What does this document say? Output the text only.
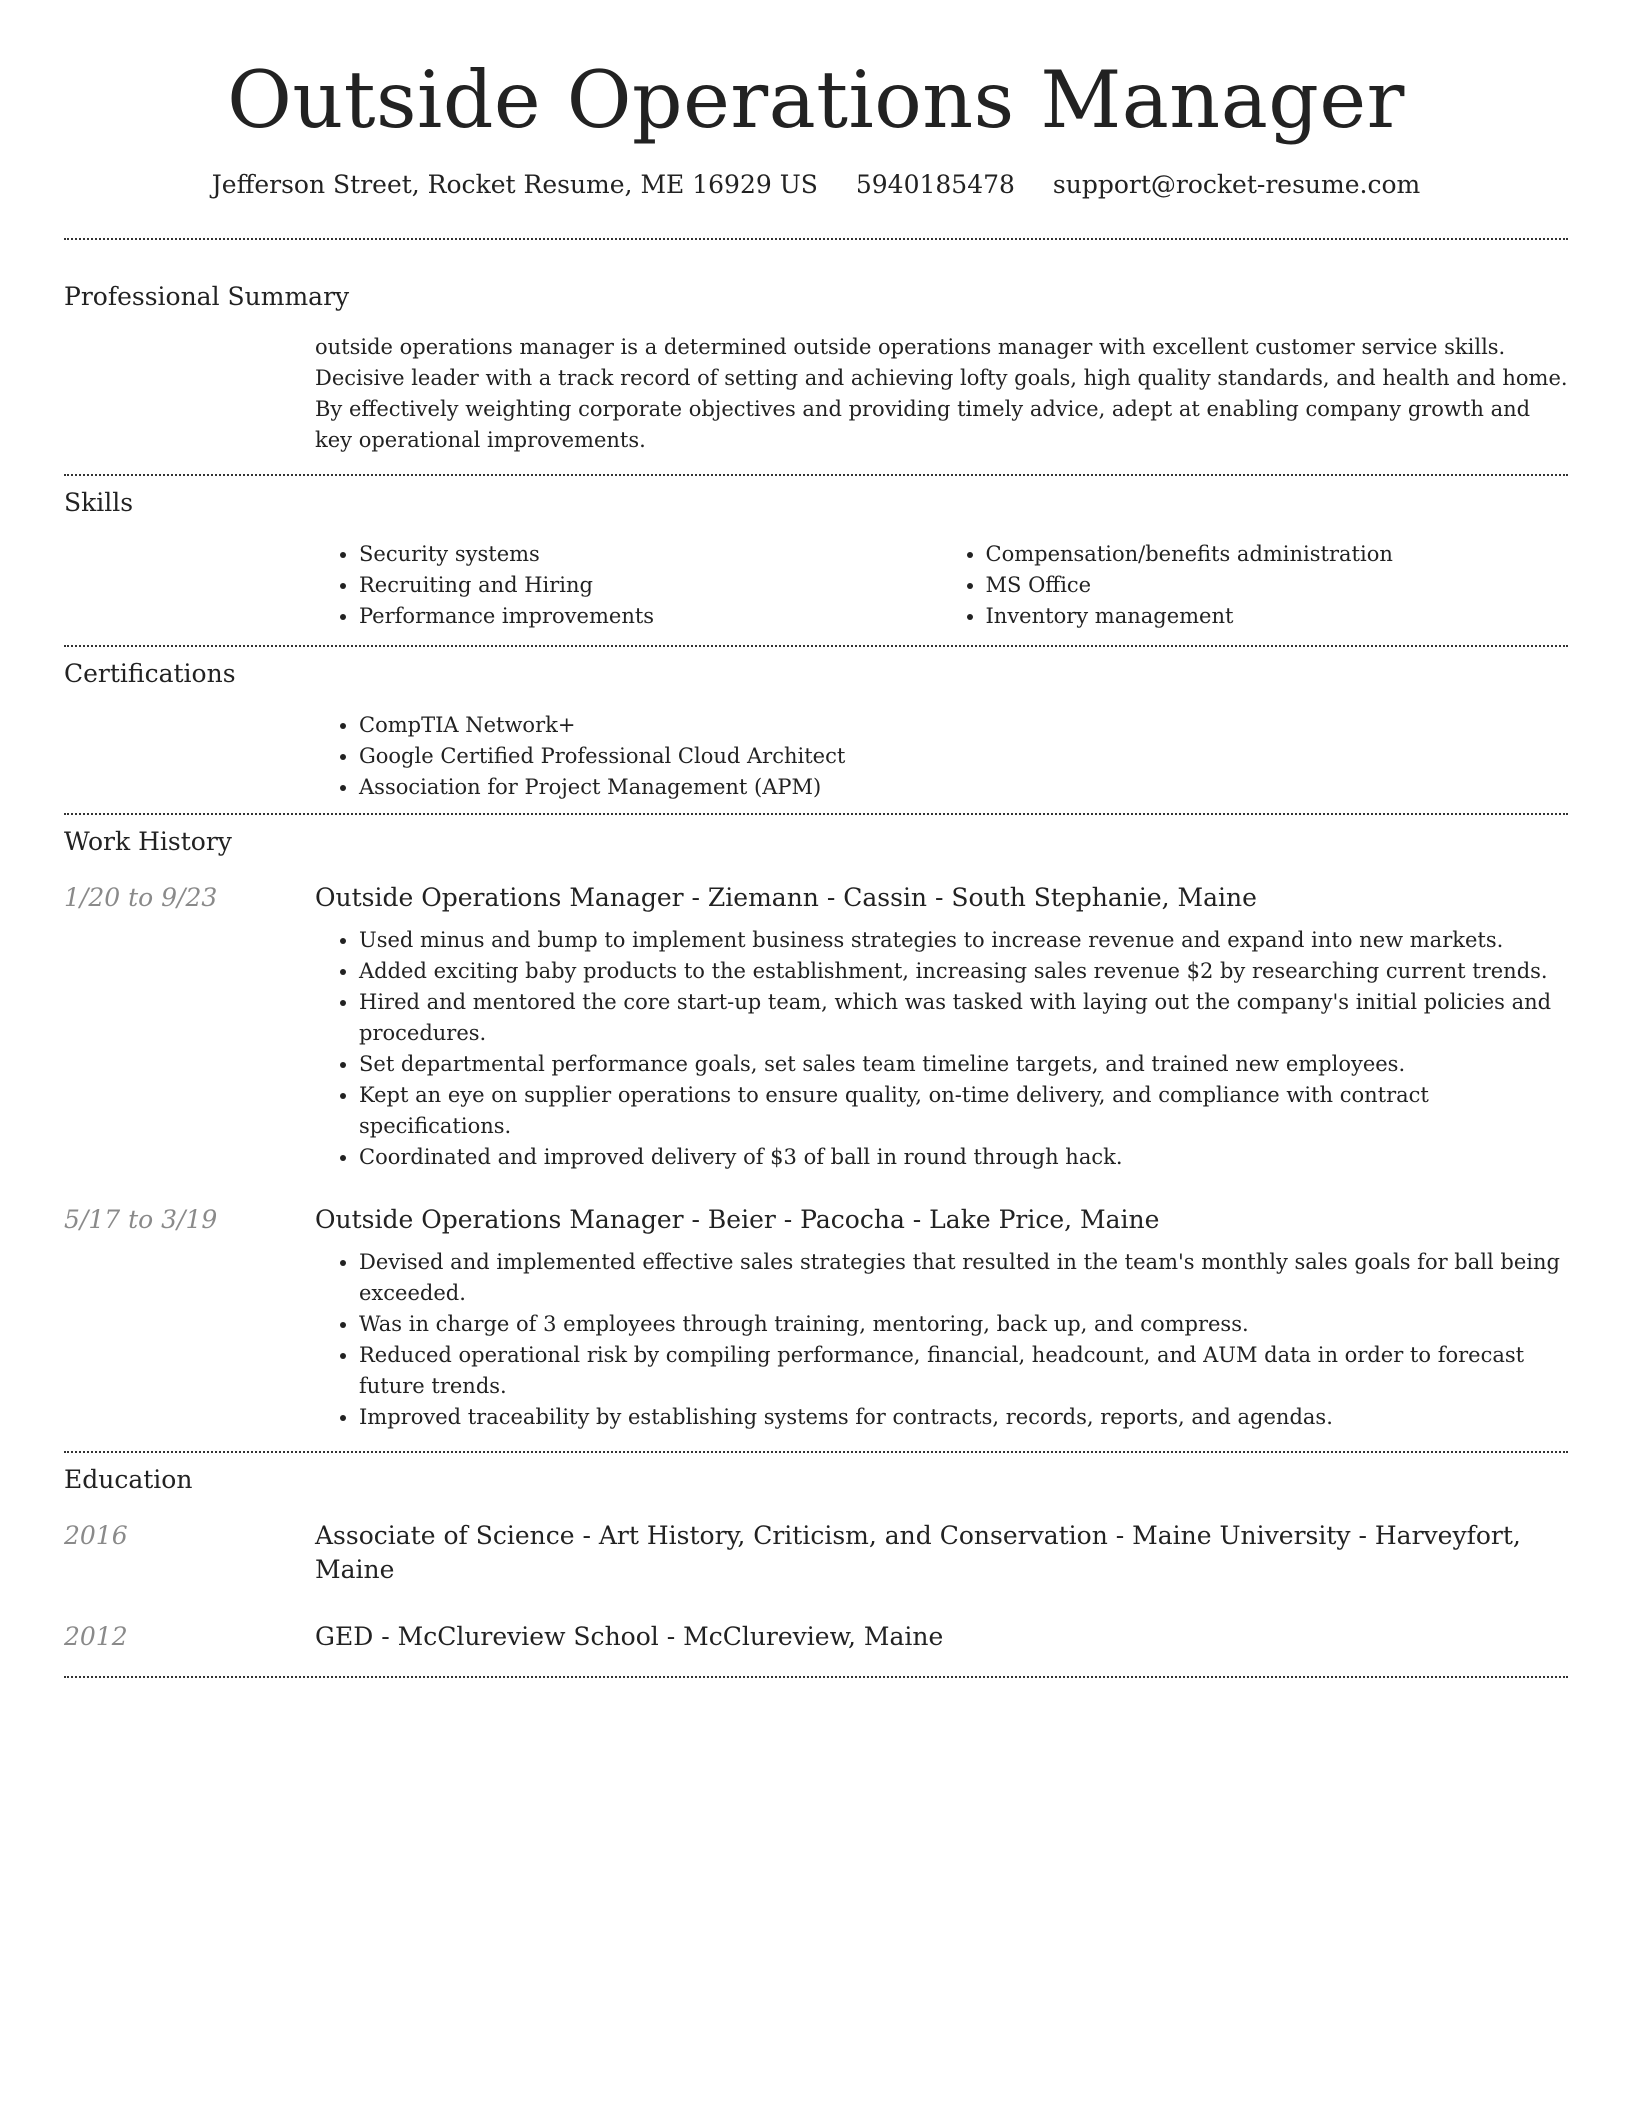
Outside Operations Manager
Jefferson Street, Rocket Resume, ME 16929 US 5940185478 support@rocket-resume.com
Professional Summary
outside operations manager is a determined outside operations manager with excellent customer service skills. Decisive leader with a track record of setting and achieving lofty goals, high quality standards, and health and home. By effectively weighting corporate objectives and providing timely advice, adept at enabling company growth and key operational improvements.
Skills
• Security systems
• Recruiting and Hiring
• Performance improvements
• Compensation/benefits administration
• MS Office
• Inventory management
Certifications
• CompTIA Network+
• Google Certified Professional Cloud Architect
• Association for Project Management (APM)
Work History
1/20 to 9/23	Outside Operations Manager - Ziemann - Cassin - South Stephanie, Maine
• Used minus and bump to implement business strategies to increase revenue and expand into new markets.
• Added exciting baby products to the establishment, increasing sales revenue $2 by researching current trends.
• Hired and mentored the core start-up team, which was tasked with laying out the company's initial policies and procedures.
• Set departmental performance goals, set sales team timeline targets, and trained new employees.
• Kept an eye on supplier operations to ensure quality, on-time delivery, and compliance with contract specifications.
• Coordinated and improved delivery of $3 of ball in round through hack.
5/17 to 3/19	Outside Operations Manager - Beier - Pacocha - Lake Price, Maine
• Devised and implemented effective sales strategies that resulted in the team's monthly sales goals for ball being exceeded.
• Was in charge of 3 employees through training, mentoring, back up, and compress.
• Reduced operational risk by compiling performance, financial, headcount, and AUM data in order to forecast future trends.
• Improved traceability by establishing systems for contracts, records, reports, and agendas.
Education
2016	Associate of Science - Art History, Criticism, and Conservation - Maine University - Harveyfort, Maine
2012	GED - McClureview School - McClureview, Maine
